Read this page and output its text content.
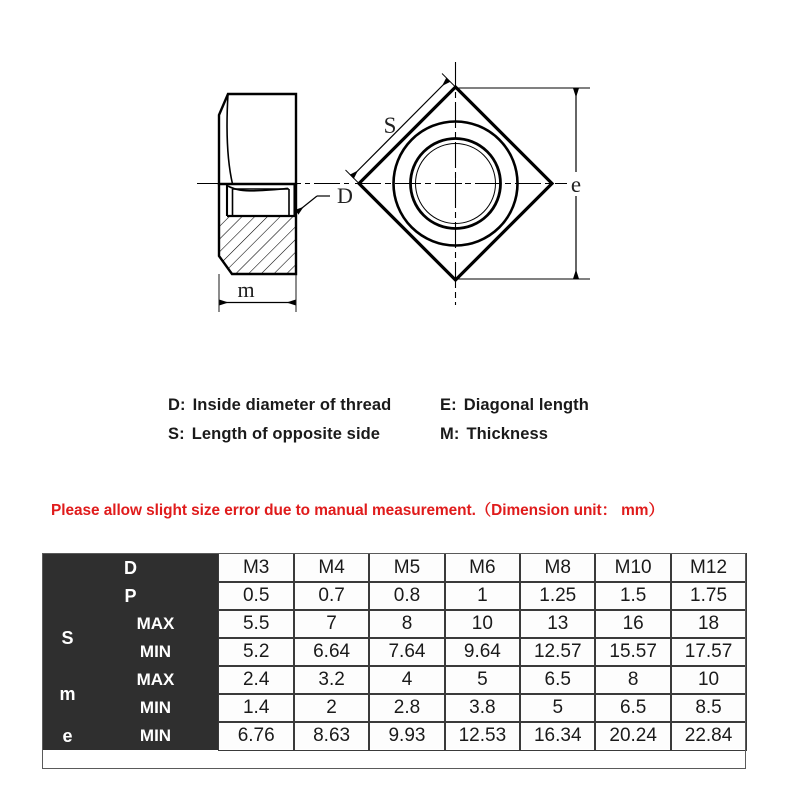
D
m
S
e
D: Inside diameter of thread	E: Diagonal length
S: Length of opposite side	M: Thickness
Please allow slight size error due to manual measurement.（Dimension unit： mm）
D		M3	M4	M5	M6	M8	M10	M12
P		0.5	0.7	0.8	1	1.25	1.5	1.75
S	MAX	5.5	7	8	10	13	16	18
	MIN	5.2	6.64	7.64	9.64	12.57	15.57	17.57
m	MAX	2.4	3.2	4	5	6.5	8	10
	MIN	1.4	2	2.8	3.8	5	6.5	8.5
e	MIN	6.76	8.63	9.93	12.53	16.34	20.24	22.84
